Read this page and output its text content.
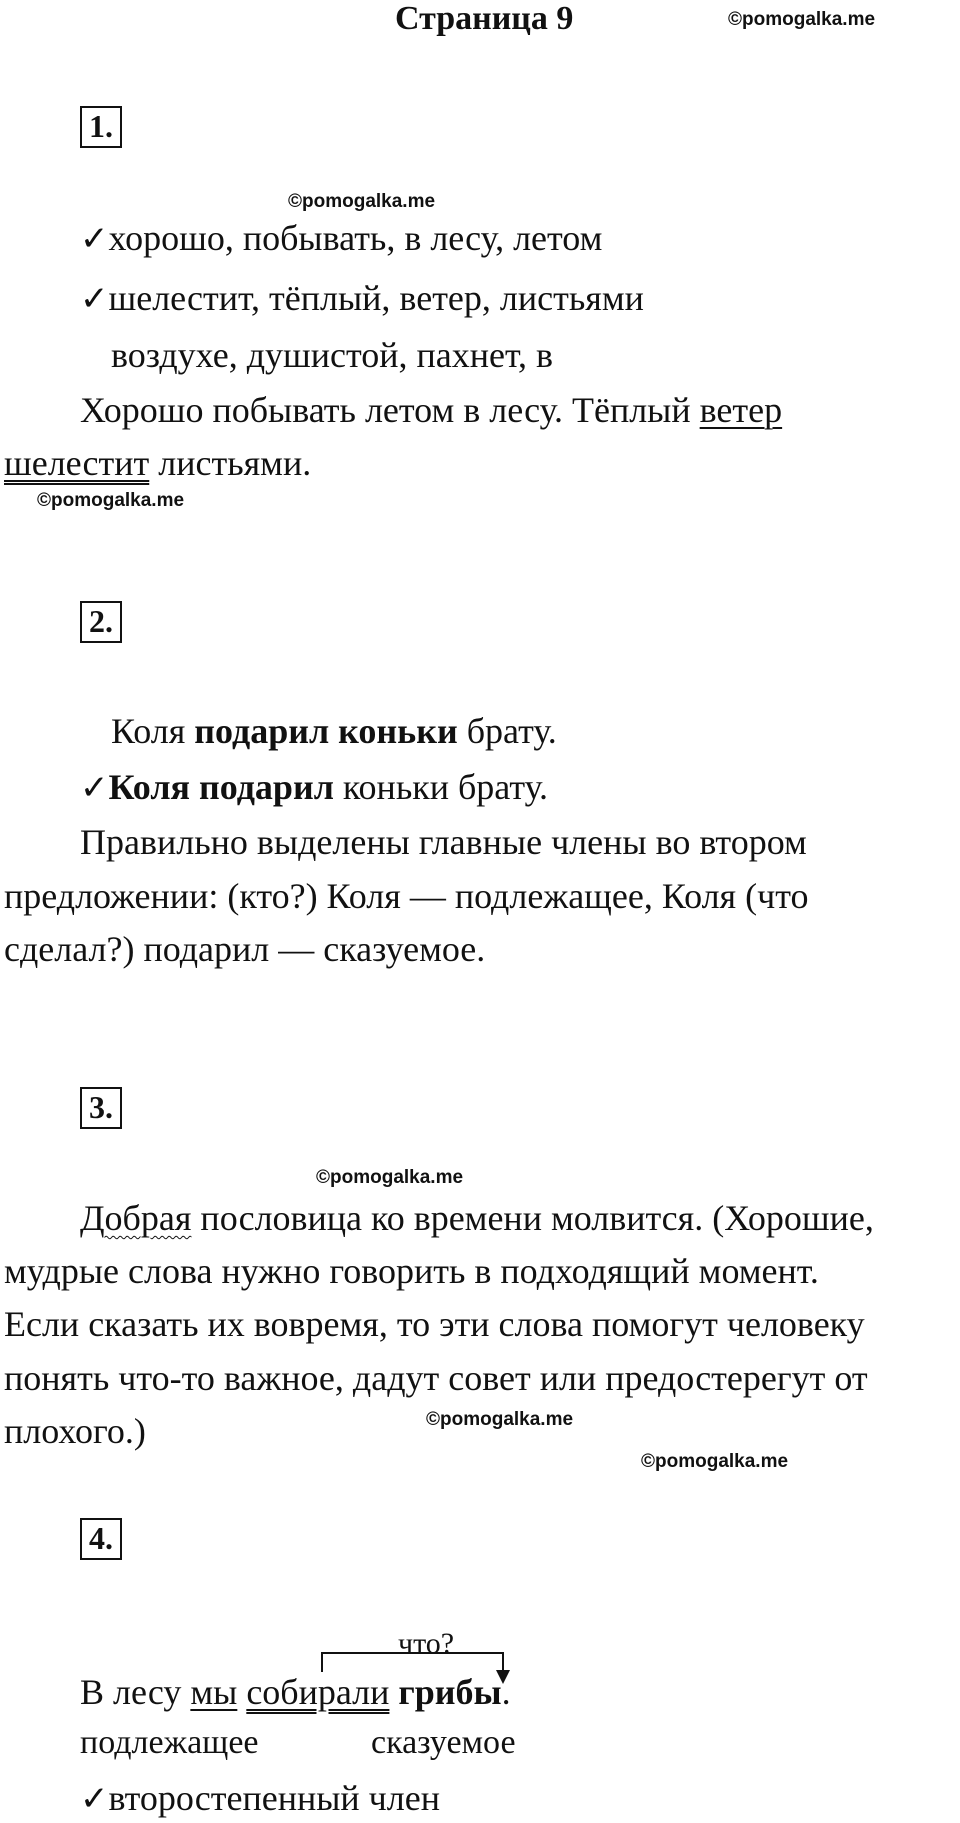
Страница 9	©pomogalka.me
1.
©pomogalka.me
✓хорошо, побывать, в лесу, летом
✓шелестит, тёплый, ветер, листьями
воздухе, душистой, пахнет, в
Хорошо побывать летом в лесу. Тёплый ветер
шелестит листьями.
©pomogalka.me
2.
Коля подарил коньки брату.
✓Коля подарил коньки брату.
Правильно выделены главные члены во втором
предложении: (кто?) Коля — подлежащее, Коля (что
сделал?) подарил — сказуемое.
3.
©pomogalka.me
Добрая пословица ко времени молвится. (Хорошие,
мудрые слова нужно говорить в подходящий момент.
Если сказать их вовремя, то эти слова помогут человеку
понять что-то важное, дадут совет или предостерегут от
плохого.)	©pomogalka.me
©pomogalka.me
4.
что?
В лесу мы собирали грибы.
подлежащее	сказуемое
✓второстепенный член
